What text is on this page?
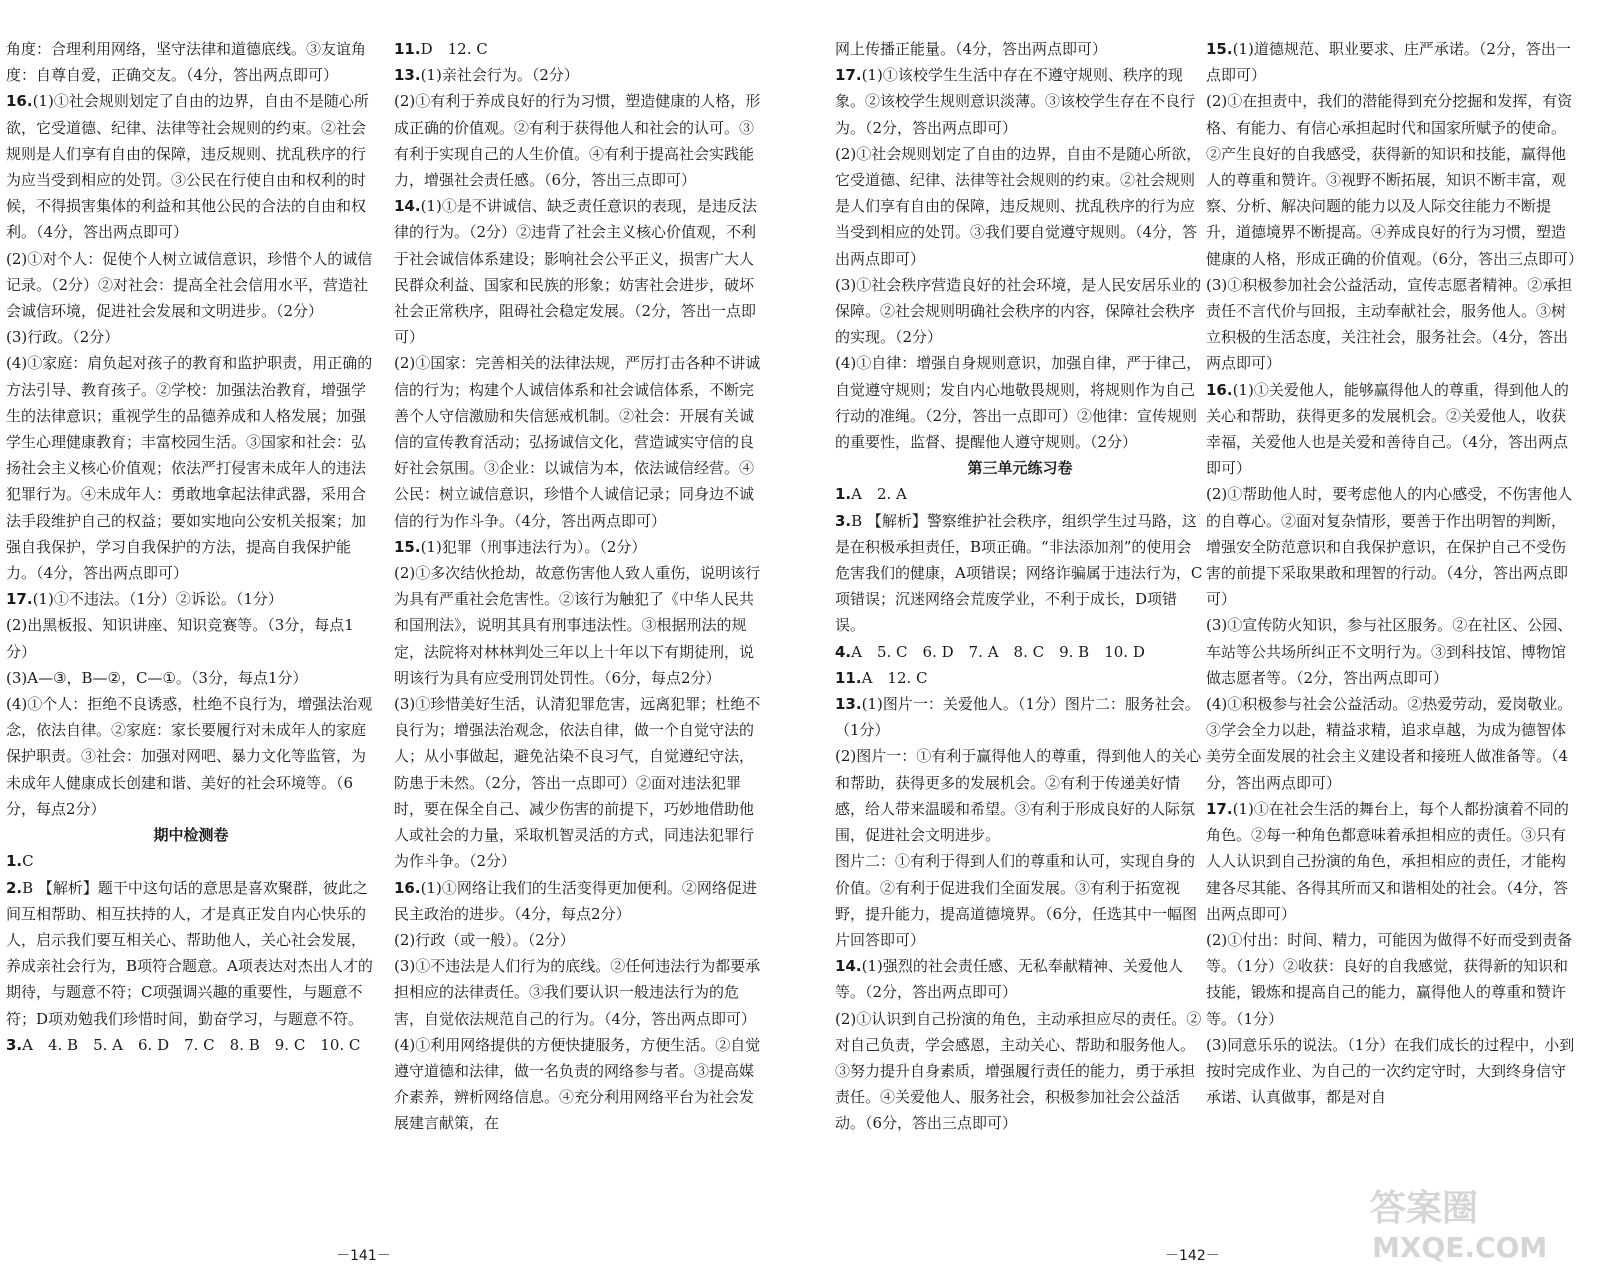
角度：合理利用网络，坚守法律和道德底线。③友谊角度：自尊自爱，正确交友。（4分，答出两点即可）

16.(1)①社会规则划定了自由的边界，自由不是随心所欲，它受道德、纪律、法律等社会规则的约束。②社会规则是人们享有自由的保障，违反规则、扰乱秩序的行为应当受到相应的处罚。③公民在行使自由和权利的时候，不得损害集体的利益和其他公民的合法的自由和权利。（4分，答出两点即可）

(2)①对个人：促使个人树立诚信意识，珍惜个人的诚信记录。（2分）②对社会：提高全社会信用水平，营造社会诚信环境，促进社会发展和文明进步。（2分）

(3)行政。（2分）

(4)①家庭：肩负起对孩子的教育和监护职责，用正确的方法引导、教育孩子。②学校：加强法治教育，增强学生的法律意识；重视学生的品德养成和人格发展；加强学生心理健康教育；丰富校园生活。③国家和社会：弘扬社会主义核心价值观；依法严打侵害未成年人的违法犯罪行为。④未成年人：勇敢地拿起法律武器，采用合法手段维护自己的权益；要如实地向公安机关报案；加强自我保护，学习自我保护的方法，提高自我保护能力。（4分，答出两点即可）

17.(1)①不违法。（1分）②诉讼。（1分）

(2)出黑板报、知识讲座、知识竞赛等。（3分，每点1分）

(3)A—③，B—②，C—①。（3分，每点1分）

(4)①个人：拒绝不良诱惑，杜绝不良行为，增强法治观念，依法自律。②家庭：家长要履行对未成年人的家庭保护职责。③社会：加强对网吧、暴力文化等监管，为未成年人健康成长创建和谐、美好的社会环境等。（6分，每点2分）

期中检测卷

1.C

2.B 【解析】题干中这句话的意思是喜欢聚群，彼此之间互相帮助、相互扶持的人，才是真正发自内心快乐的人，启示我们要互相关心、帮助他人，关心社会发展，养成亲社会行为，B项符合题意。A项表达对杰出人才的期待，与题意不符；C项强调兴趣的重要性，与题意不符；D项劝勉我们珍惜时间，勤奋学习，与题意不符。

3.A　4. B　5. A　6. D　7. C　8. B　9. C　10. C

11.D　12. C

13.(1)亲社会行为。（2分）

(2)①有利于养成良好的行为习惯，塑造健康的人格，形成正确的价值观。②有利于获得他人和社会的认可。③有利于实现自己的人生价值。④有利于提高社会实践能力，增强社会责任感。（6分，答出三点即可）

14.(1)①是不讲诚信、缺乏责任意识的表现，是违反法律的行为。（2分）②违背了社会主义核心价值观，不利于社会诚信体系建设；影响社会公平正义，损害广大人民群众利益、国家和民族的形象；妨害社会进步，破坏社会正常秩序，阻碍社会稳定发展。（2分，答出一点即可）

(2)①国家：完善相关的法律法规，严厉打击各种不讲诚信的行为；构建个人诚信体系和社会诚信体系，不断完善个人守信激励和失信惩戒机制。②社会：开展有关诚信的宣传教育活动；弘扬诚信文化，营造诚实守信的良好社会氛围。③企业：以诚信为本，依法诚信经营。④公民：树立诚信意识，珍惜个人诚信记录；同身边不诚信的行为作斗争。（4分，答出两点即可）

15.(1)犯罪（刑事违法行为）。（2分）

(2)①多次结伙抢劫，故意伤害他人致人重伤，说明该行为具有严重社会危害性。②该行为触犯了《中华人民共和国刑法》，说明其具有刑事违法性。③根据刑法的规定，法院将对林林判处三年以上十年以下有期徒刑，说明该行为具有应受刑罚处罚性。（6分，每点2分）

(3)①珍惜美好生活，认清犯罪危害，远离犯罪；杜绝不良行为；增强法治观念，依法自律，做一个自觉守法的人；从小事做起，避免沾染不良习气，自觉遵纪守法，防患于未然。（2分，答出一点即可）②面对违法犯罪时，要在保全自己、减少伤害的前提下，巧妙地借助他人或社会的力量，采取机智灵活的方式，同违法犯罪行为作斗争。（2分）

16.(1)①网络让我们的生活变得更加便利。②网络促进民主政治的进步。（4分，每点2分）

(2)行政（或一般）。（2分）

(3)①不违法是人们行为的底线。②任何违法行为都要承担相应的法律责任。③我们要认识一般违法行为的危害，自觉依法规范自己的行为。（4分，答出两点即可）

(4)①利用网络提供的方便快捷服务，方便生活。②自觉遵守道德和法律，做一名负责的网络参与者。③提高媒介素养，辨析网络信息。④充分利用网络平台为社会发展建言献策，在

网上传播正能量。（4分，答出两点即可）

17.(1)①该校学生生活中存在不遵守规则、秩序的现象。②该校学生规则意识淡薄。③该校学生存在不良行为。（2分，答出两点即可）

(2)①社会规则划定了自由的边界，自由不是随心所欲，它受道德、纪律、法律等社会规则的约束。②社会规则是人们享有自由的保障，违反规则、扰乱秩序的行为应当受到相应的处罚。③我们要自觉遵守规则。（4分，答出两点即可）

(3)①社会秩序营造良好的社会环境，是人民安居乐业的保障。②社会规则明确社会秩序的内容，保障社会秩序的实现。（2分）

(4)①自律：增强自身规则意识，加强自律，严于律己，自觉遵守规则；发自内心地敬畏规则，将规则作为自己行动的准绳。（2分，答出一点即可）②他律：宣传规则的重要性，监督、提醒他人遵守规则。（2分）

第三单元练习卷

1.A　2. A

3.B 【解析】警察维护社会秩序，组织学生过马路，这是在积极承担责任，B项正确。“非法添加剂”的使用会危害我们的健康，A项错误；网络诈骗属于违法行为，C项错误；沉迷网络会荒废学业，不利于成长，D项错误。

4.A　5. C　6. D　7. A　8. C　9. B　10. D

11.A　12. C

13.(1)图片一：关爱他人。（1分）图片二：服务社会。（1分）

(2)图片一：①有利于赢得他人的尊重，得到他人的关心和帮助，获得更多的发展机会。②有利于传递美好情感，给人带来温暖和希望。③有利于形成良好的人际氛围，促进社会文明进步。

图片二：①有利于得到人们的尊重和认可，实现自身的价值。②有利于促进我们全面发展。③有利于拓宽视野，提升能力，提高道德境界。（6分，任选其中一幅图片回答即可）

14.(1)强烈的社会责任感、无私奉献精神、关爱他人等。（2分，答出两点即可）

(2)①认识到自己扮演的角色，主动承担应尽的责任。②对自己负责，学会感恩，主动关心、帮助和服务他人。③努力提升自身素质，增强履行责任的能力，勇于承担责任。④关爱他人、服务社会，积极参加社会公益活动。（6分，答出三点即可）

15.(1)道德规范、职业要求、庄严承诺。（2分，答出一点即可）

(2)①在担责中，我们的潜能得到充分挖掘和发挥，有资格、有能力、有信心承担起时代和国家所赋予的使命。②产生良好的自我感受，获得新的知识和技能，赢得他人的尊重和赞许。③视野不断拓展，知识不断丰富，观察、分析、解决问题的能力以及人际交往能力不断提升，道德境界不断提高。④养成良好的行为习惯，塑造健康的人格，形成正确的价值观。（6分，答出三点即可）

(3)①积极参加社会公益活动，宣传志愿者精神。②承担责任不言代价与回报，主动奉献社会，服务他人。③树立积极的生活态度，关注社会，服务社会。（4分，答出两点即可）

16.(1)①关爱他人，能够赢得他人的尊重，得到他人的关心和帮助，获得更多的发展机会。②关爱他人，收获幸福，关爱他人也是关爱和善待自己。（4分，答出两点即可）

(2)①帮助他人时，要考虑他人的内心感受，不伤害他人的自尊心。②面对复杂情形，要善于作出明智的判断，增强安全防范意识和自我保护意识，在保护自己不受伤害的前提下采取果敢和理智的行动。（4分，答出两点即可）

(3)①宣传防火知识，参与社区服务。②在社区、公园、车站等公共场所纠正不文明行为。③到科技馆、博物馆做志愿者等。（2分，答出两点即可）

(4)①积极参与社会公益活动。②热爱劳动，爱岗敬业。③学会全力以赴，精益求精，追求卓越，为成为德智体美劳全面发展的社会主义建设者和接班人做准备等。（4分，答出两点即可）

17.(1)①在社会生活的舞台上，每个人都扮演着不同的角色。②每一种角色都意味着承担相应的责任。③只有人人认识到自己扮演的角色，承担相应的责任，才能构建各尽其能、各得其所而又和谐相处的社会。（4分，答出两点即可）

(2)①付出：时间、精力，可能因为做得不好而受到责备等。（1分）②收获：良好的自我感觉，获得新的知识和技能，锻炼和提高自己的能力，赢得他人的尊重和赞许等。（1分）

(3)同意乐乐的说法。（1分）在我们成长的过程中，小到按时完成作业、为自己的一次约定守时，大到终身信守承诺、认真做事，都是对自

－141－	－142－
答案圈
MXQE.COM
